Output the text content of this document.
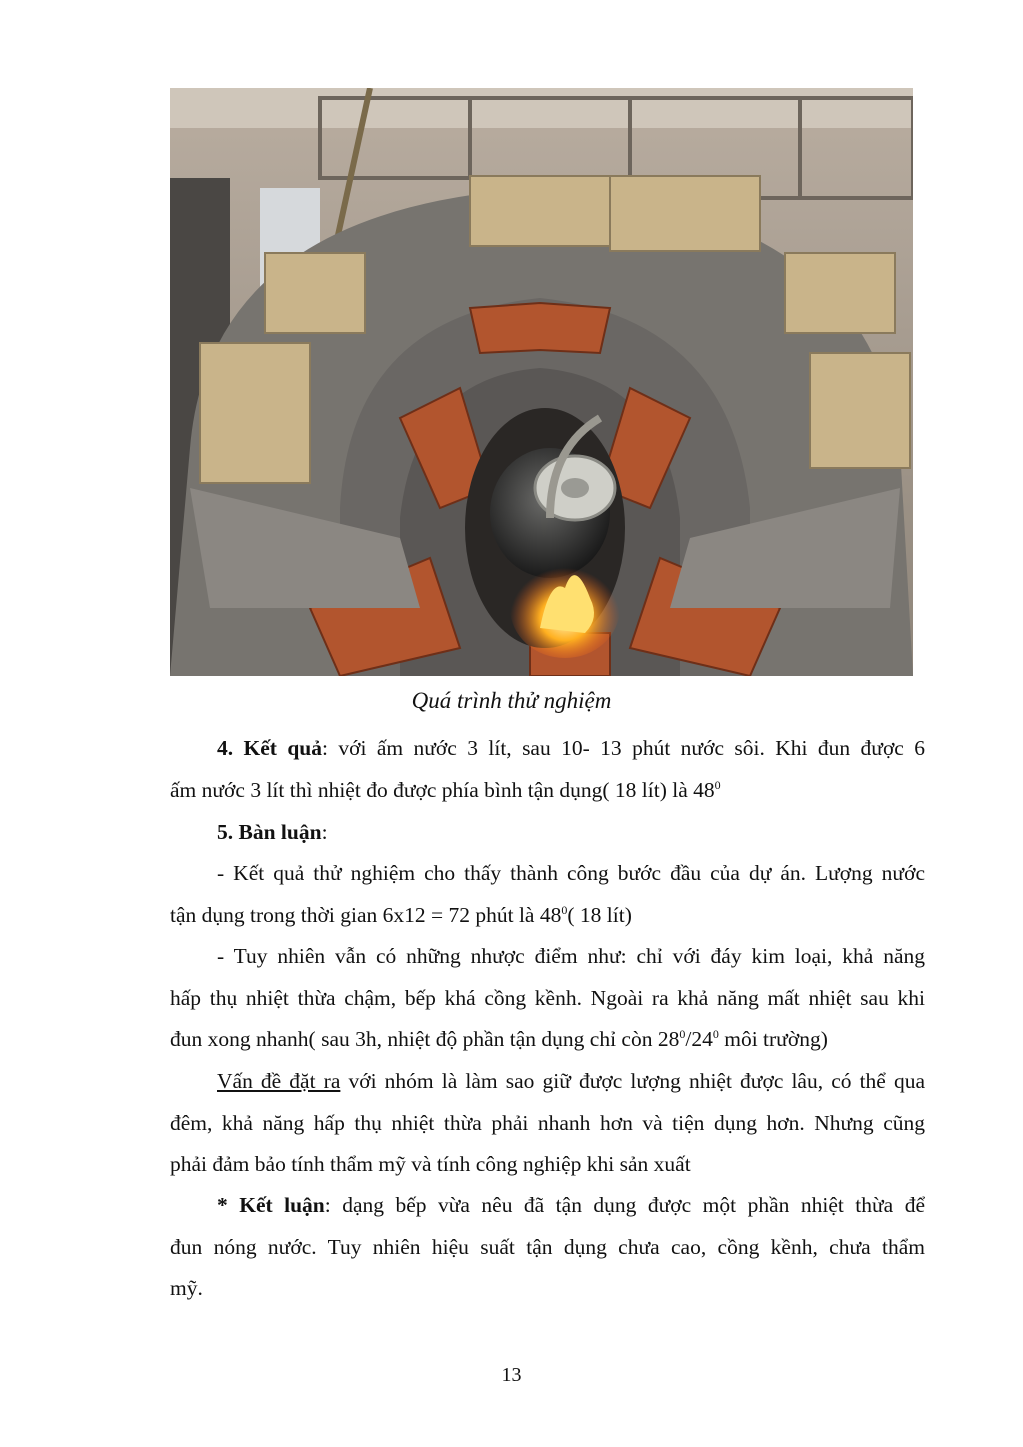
Quá trình thử nghiệm
4. Kết quả: với ấm nước 3 lít, sau 10- 13 phút nước sôi. Khi đun được 6
ấm nước 3 lít thì nhiệt đo được phía bình tận dụng( 18 lít) là $48^0$
5. Bàn luận:
- Kết quả thử nghiệm cho thấy thành công bước đầu của dự án. Lượng nước
tận dụng trong thời gian 6x12 = 72 phút là $48^0$( 18 lít)
- Tuy nhiên vẫn có những nhược điểm như: chỉ với đáy kim loại, khả năng
hấp thụ nhiệt thừa chậm, bếp khá cồng kềnh. Ngoài ra khả năng mất nhiệt sau khi
đun xong nhanh( sau 3h, nhiệt độ phần tận dụng chỉ còn $28^0/24^0$ môi trường)
Vấn đề đặt ra với nhóm là làm sao giữ được lượng nhiệt được lâu, có thể qua
đêm, khả năng hấp thụ nhiệt thừa phải nhanh hơn và tiện dụng hơn. Nhưng cũng
phải đảm bảo tính thẩm mỹ và tính công nghiệp khi sản xuất
* Kết luận: dạng bếp vừa nêu đã tận dụng được một phần nhiệt thừa để
đun nóng nước. Tuy nhiên hiệu suất tận dụng chưa cao, cồng kềnh, chưa thẩm
mỹ.
13
